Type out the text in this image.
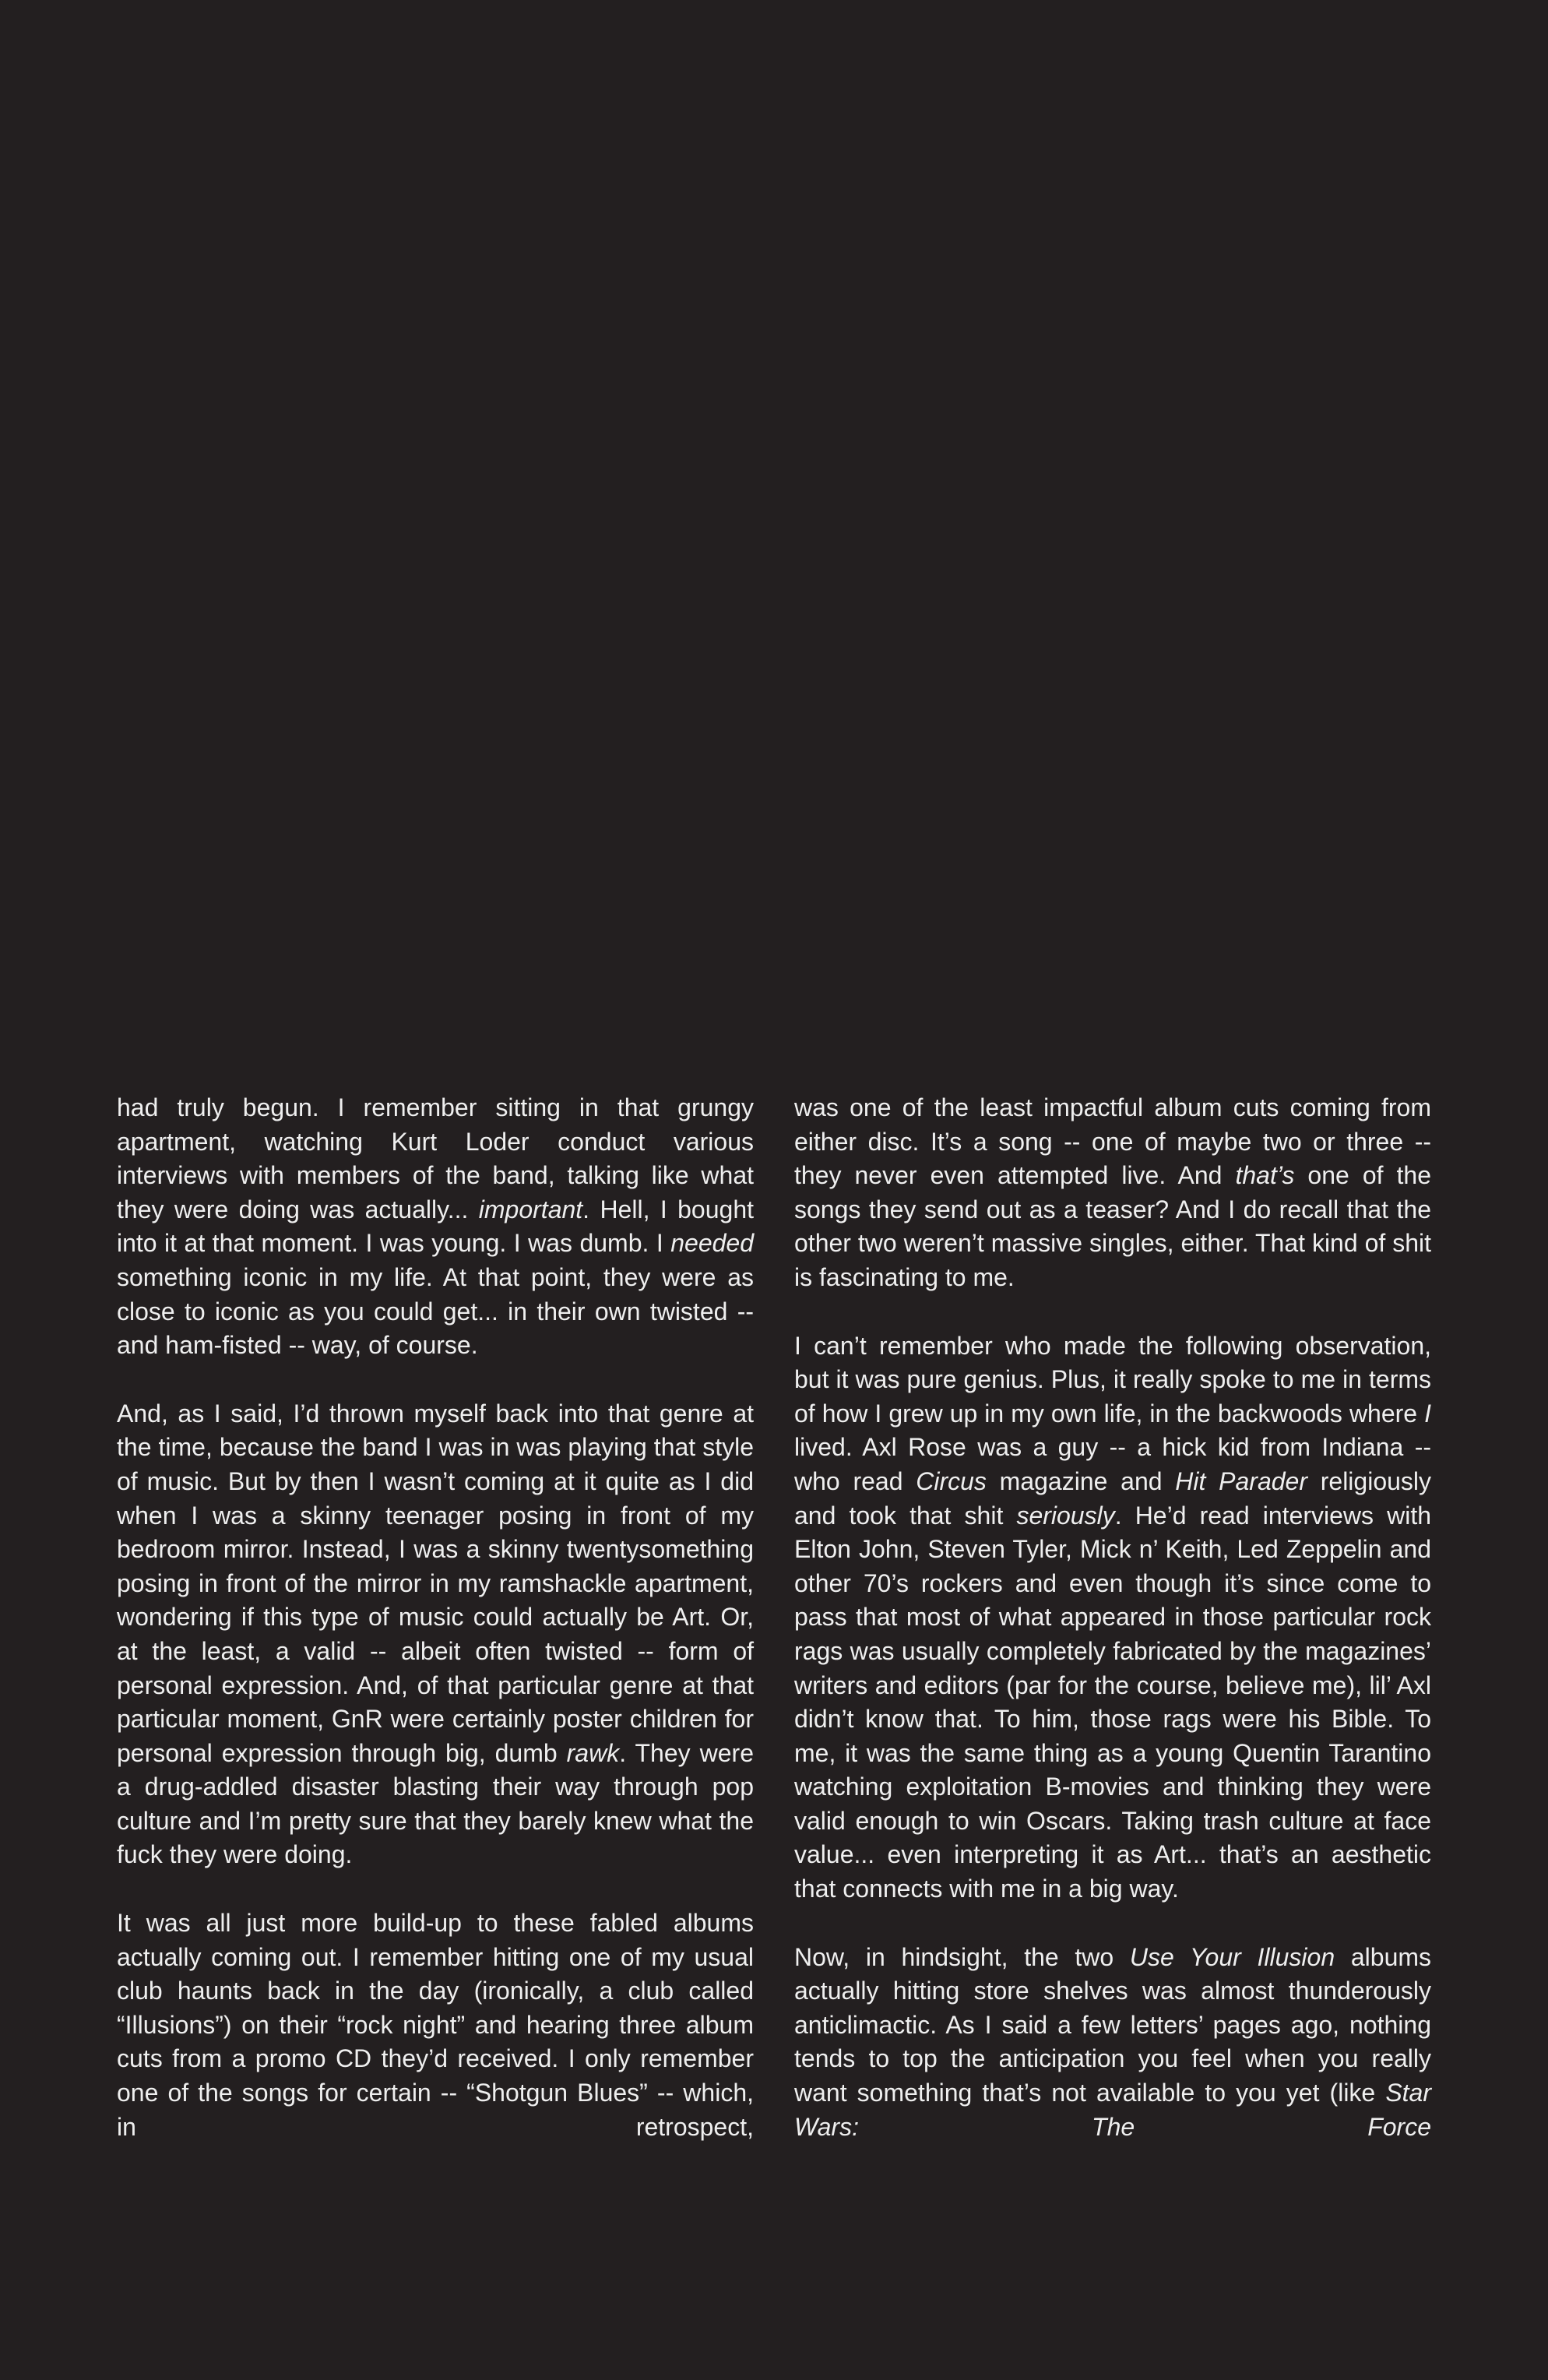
had truly begun. I remember sitting in that grungy apartment, watching Kurt Loder conduct various interviews with members of the band, talking like what they were doing was actually... important. Hell, I bought into it at that moment. I was young. I was dumb. I needed something iconic in my life. At that point, they were as close to iconic as you could get... in their own twisted -- and ham-fisted -- way, of course.

And, as I said, I’d thrown myself back into that genre at the time, because the band I was in was playing that style of music. But by then I wasn’t coming at it quite as I did when I was a skinny teenager posing in front of my bedroom mirror. Instead, I was a skinny twentysomething posing in front of the mirror in my ramshackle apartment, wondering if this type of music could actually be Art. Or, at the least, a valid -- albeit often twisted -- form of personal expression. And, of that particular genre at that particular moment, GnR were certainly poster children for personal expression through big, dumb rawk. They were a drug-addled disaster blasting their way through pop culture and I’m pretty sure that they barely knew what the fuck they were doing.

It was all just more build-up to these fabled albums actually coming out. I remember hitting one of my usual club haunts back in the day (ironically, a club called “Illusions”) on their “rock night” and hearing three album cuts from a promo CD they’d received. I only remember one of the songs for certain -- “Shotgun Blues” -- which, in retrospect,

was one of the least impactful album cuts coming from either disc. It’s a song -- one of maybe two or three -- they never even attempted live. And that’s one of the songs they send out as a teaser? And I do recall that the other two weren’t massive singles, either. That kind of shit is fascinating to me.

I can’t remember who made the following observation, but it was pure genius. Plus, it really spoke to me in terms of how I grew up in my own life, in the backwoods where I lived. Axl Rose was a guy -- a hick kid from Indiana -- who read Circus magazine and Hit Parader religiously and took that shit seriously. He’d read interviews with Elton John, Steven Tyler, Mick n’ Keith, Led Zeppelin and other 70’s rockers and even though it’s since come to pass that most of what appeared in those particular rock rags was usually completely fabricated by the magazines’ writers and editors (par for the course, believe me), lil’ Axl didn’t know that. To him, those rags were his Bible. To me, it was the same thing as a young Quentin Tarantino watching exploitation B-movies and thinking they were valid enough to win Oscars. Taking trash culture at face value... even interpreting it as Art... that’s an aesthetic that connects with me in a big way.

Now, in hindsight, the two Use Your Illusion albums actually hitting store shelves was almost thunderously anticlimactic. As I said a few letters’ pages ago, nothing tends to top the anticipation you feel when you really want something that’s not available to you yet (like Star Wars: The Force
